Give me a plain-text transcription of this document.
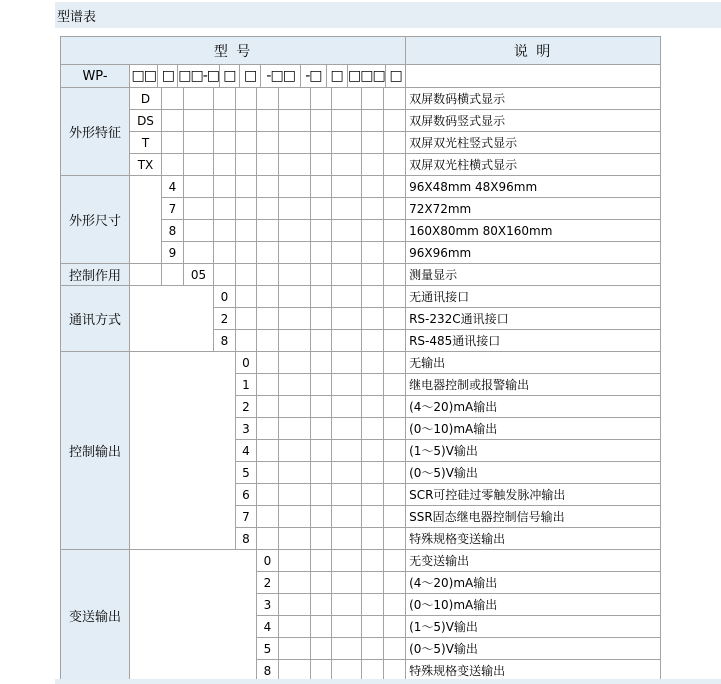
型谱表
型 号												说 明
WP-	□□ □ □□-□ □ □ -□□ -□ □ □□□ □

外形特征	D											双屏数码横式显示
	DS											双屏数码竖式显示
	T											双屏双光柱竖式显示
	TX											双屏双光柱横式显示
外形尺寸		4										96X48mm 48X96mm
		7										72X72mm
		8										160X80mm 80X160mm
		9										96X96mm
控制作用			05									测量显示
通讯方式				0								无通讯接口
				2								RS-232C通讯接口
				8								RS-485通讯接口
控制输出					0							无输出
					1							继电器控制或报警输出
					2							(4～20)mA输出
					3							(0～10)mA输出
					4							(1～5)V输出
					5							(0～5)V输出
					6							SCR可控硅过零触发脉冲输出
					7							SSR固态继电器控制信号输出
					8							特殊规格变送输出
变送输出						0						无变送输出
						2						(4～20)mA输出
						3						(0～10)mA输出
						4						(1～5)V输出
						5						(0～5)V输出
						8						特殊规格变送输出
